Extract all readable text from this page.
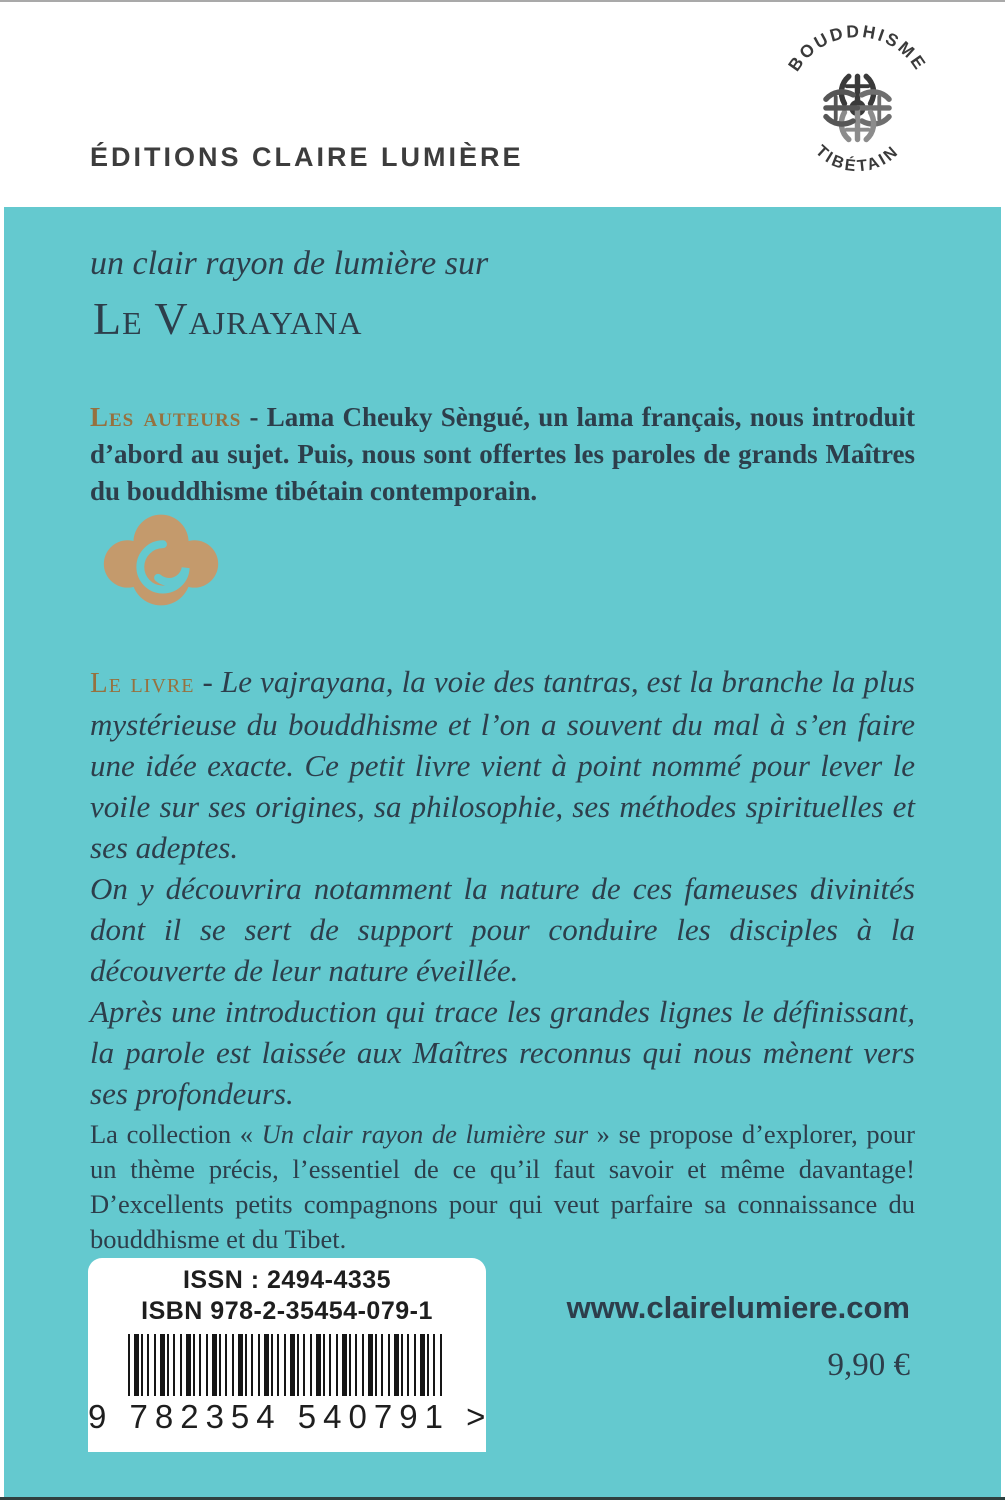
ÉDITIONS CLAIRE LUMIÈRE
BOUDDHISME
TIBÉTAIN
un clair rayon de lumière sur
Le Vajrayana

Les auteurs - Lama Cheuky Sèngué, un lama français, nous introduit d’abord au sujet. Puis, nous sont offertes les paroles de grands Maîtres du bouddhisme tibétain contemporain.

Le livre - Le vajrayana, la voie des tantras, est la branche la plus mystérieuse du bouddhisme et l’on a souvent du mal à s’en faire une idée exacte. Ce petit livre vient à point nommé pour lever le voile sur ses origines, sa philosophie, ses méthodes spirituelles et ses adeptes.
On y découvrira notamment la nature de ces fameuses divinités dont il se sert de support pour conduire les disciples à la découverte de leur nature éveillée.
Après une introduction qui trace les grandes lignes le définissant, la parole est laissée aux Maîtres reconnus qui nous mènent vers ses profondeurs.

La collection « Un clair rayon de lumière sur » se propose d’explorer, pour un thème précis, l’essentiel de ce qu’il faut savoir et même davantage! D’excellents petits compagnons pour qui veut parfaire sa connaissance du bouddhisme et du Tibet.

ISSN : 2494-4335
ISBN 978-2-35454-079-1
9 782354 540791 >
www.clairelumiere.com
9,90 €
